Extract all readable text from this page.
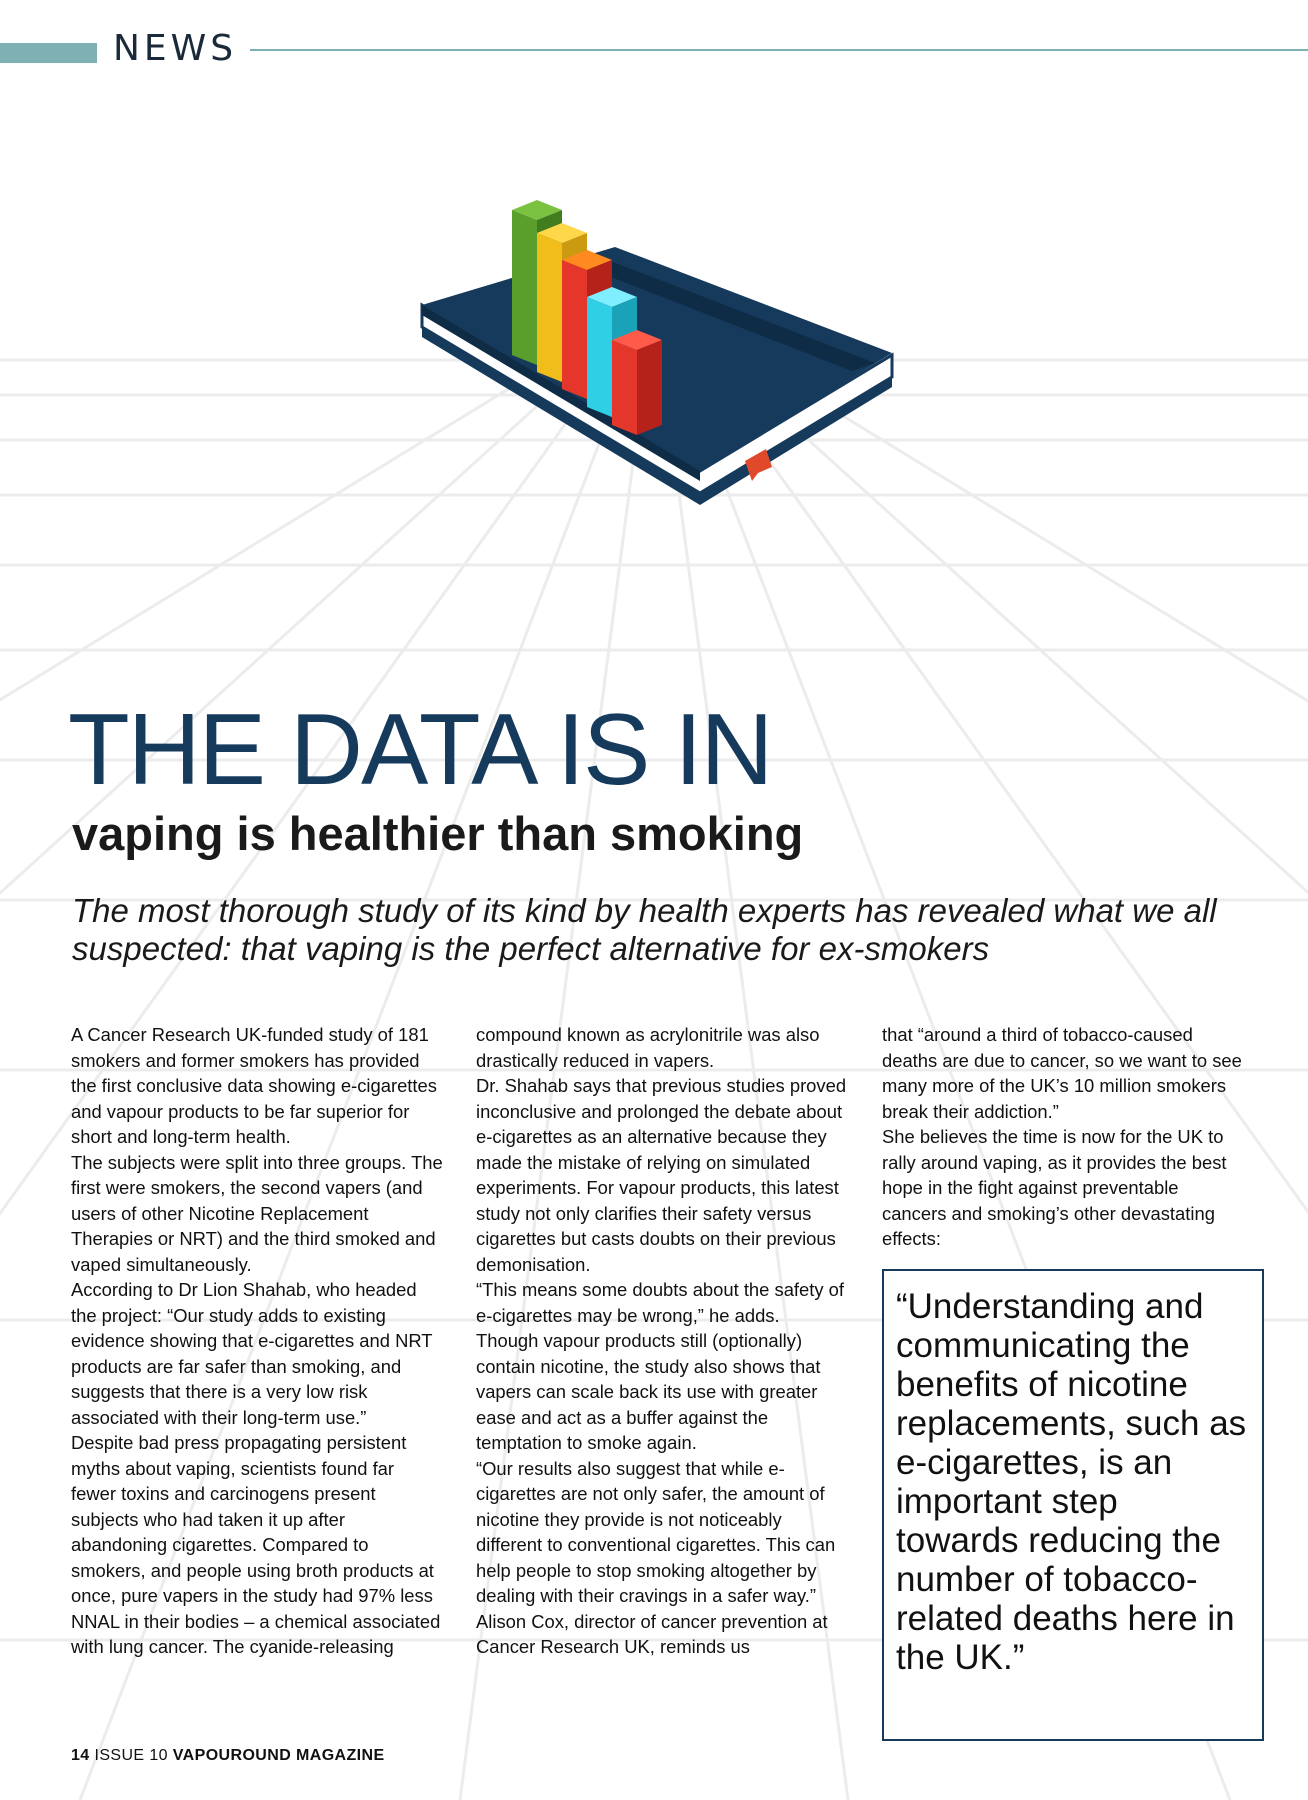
NEWS
THE DATA IS IN
vaping is healthier than smoking
The most thorough study of its kind by health experts has revealed what we all suspected: that vaping is the perfect alternative for ex-smokers

A Cancer Research UK-funded study of 181 smokers and former smokers has provided the first conclusive data showing e-cigarettes and vapour products to be far superior for short and long-term health.

The subjects were split into three groups. The first were smokers, the second vapers (and users of other Nicotine Replacement Therapies or NRT) and the third smoked and vaped simultaneously.

According to Dr Lion Shahab, who headed the project: “Our study adds to existing evidence showing that e-cigarettes and NRT products are far safer than smoking, and suggests that there is a very low risk associated with their long-term use.”

Despite bad press propagating persistent myths about vaping, scientists found far fewer toxins and carcinogens present subjects who had taken it up after abandoning cigarettes. Compared to smokers, and people using broth products at once, pure vapers in the study had 97% less NNAL in their bodies – a chemical associated with lung cancer. The cyanide-releasing

compound known as acrylonitrile was also drastically reduced in vapers.

Dr. Shahab says that previous studies proved inconclusive and prolonged the debate about e-cigarettes as an alternative because they made the mistake of relying on simulated experiments. For vapour products, this latest study not only clarifies their safety versus cigarettes but casts doubts on their previous demonisation.

“This means some doubts about the safety of e-cigarettes may be wrong,” he adds.

Though vapour products still (optionally) contain nicotine, the study also shows that vapers can scale back its use with greater ease and act as a buffer against the temptation to smoke again.

“Our results also suggest that while e-cigarettes are not only safer, the amount of nicotine they provide is not noticeably different to conventional cigarettes. This can help people to stop smoking altogether by dealing with their cravings in a safer way.”

Alison Cox, director of cancer prevention at Cancer Research UK, reminds us

that “around a third of tobacco-caused deaths are due to cancer, so we want to see many more of the UK’s 10 million smokers break their addiction.”

She believes the time is now for the UK to rally around vaping, as it provides the best hope in the fight against preventable cancers and smoking’s other devastating effects:

“Understanding and communicating the benefits of nicotine replacements, such as e-cigarettes, is an important step towards reducing the number of tobacco-related deaths here in the UK.”

14 ISSUE 10 VAPOUROUND MAGAZINE
